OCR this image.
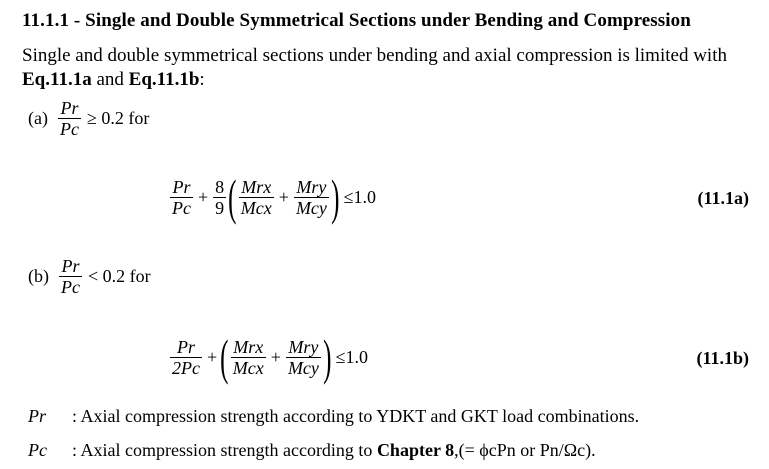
11.1.1 - Single and Double Symmetrical Sections under Bending and Compression
Single and double symmetrical sections under bending and axial compression is limited with Eq.11.1a and Eq.11.1b:
$(a) \frac{Pr}{Pc} \ge 0.2$ for
$\frac{Pr}{Pc} + \frac{8}{9}$ ( $\frac{\text{Mrx}}{\text{Mcx}} + \frac{\text{Mry}}{\text{Mcy}}$ ) ≤1.0	(11.1a)
$(b) \frac{Pr}{Pc} < 0.2$ for
$\frac{Pr}{2Pc}$ + ( $\frac{\text{Mrx}}{\text{Mcx}} + \frac{\text{Mry}}{\text{Mcy}}$ ) ≤1.0	(11.1b)
Pr	: Axial compression strength according to YDKT and GKT load combinations.
Pc	: Axial compression strength according to Chapter 8,(= ϕcPn or Pn/Ωc).
